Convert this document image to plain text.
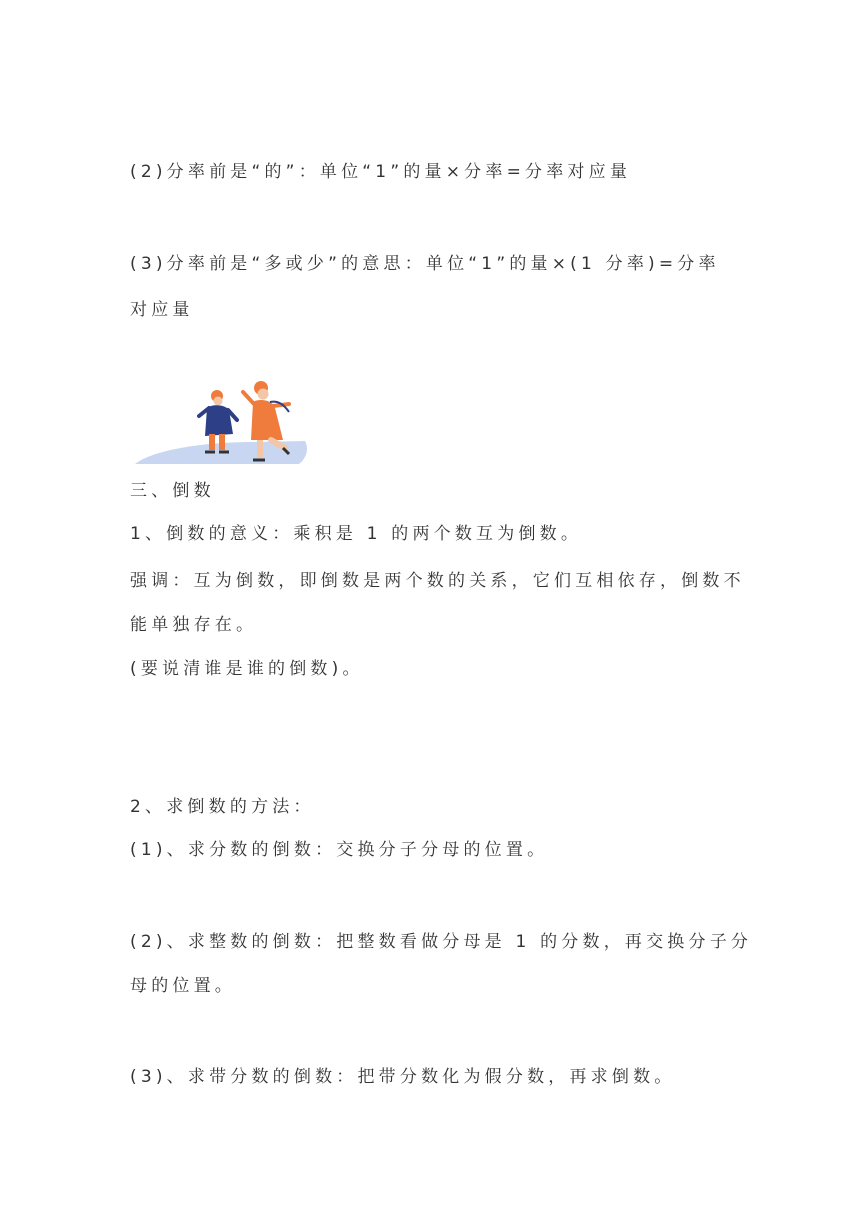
(2)分率前是“的”：单位“1”的量×分率=分率对应量

(3)分率前是“多或少”的意思：单位“1”的量×(1 分率)=分率

对应量

三、倒数

1、倒数的意义：乘积是 1 的两个数互为倒数。

强调：互为倒数，即倒数是两个数的关系，它们互相依存，倒数不

能单独存在。

(要说清谁是谁的倒数)。

2、求倒数的方法：

(1)、求分数的倒数：交换分子分母的位置。

(2)、求整数的倒数：把整数看做分母是 1 的分数，再交换分子分

母的位置。

(3)、求带分数的倒数：把带分数化为假分数，再求倒数。
